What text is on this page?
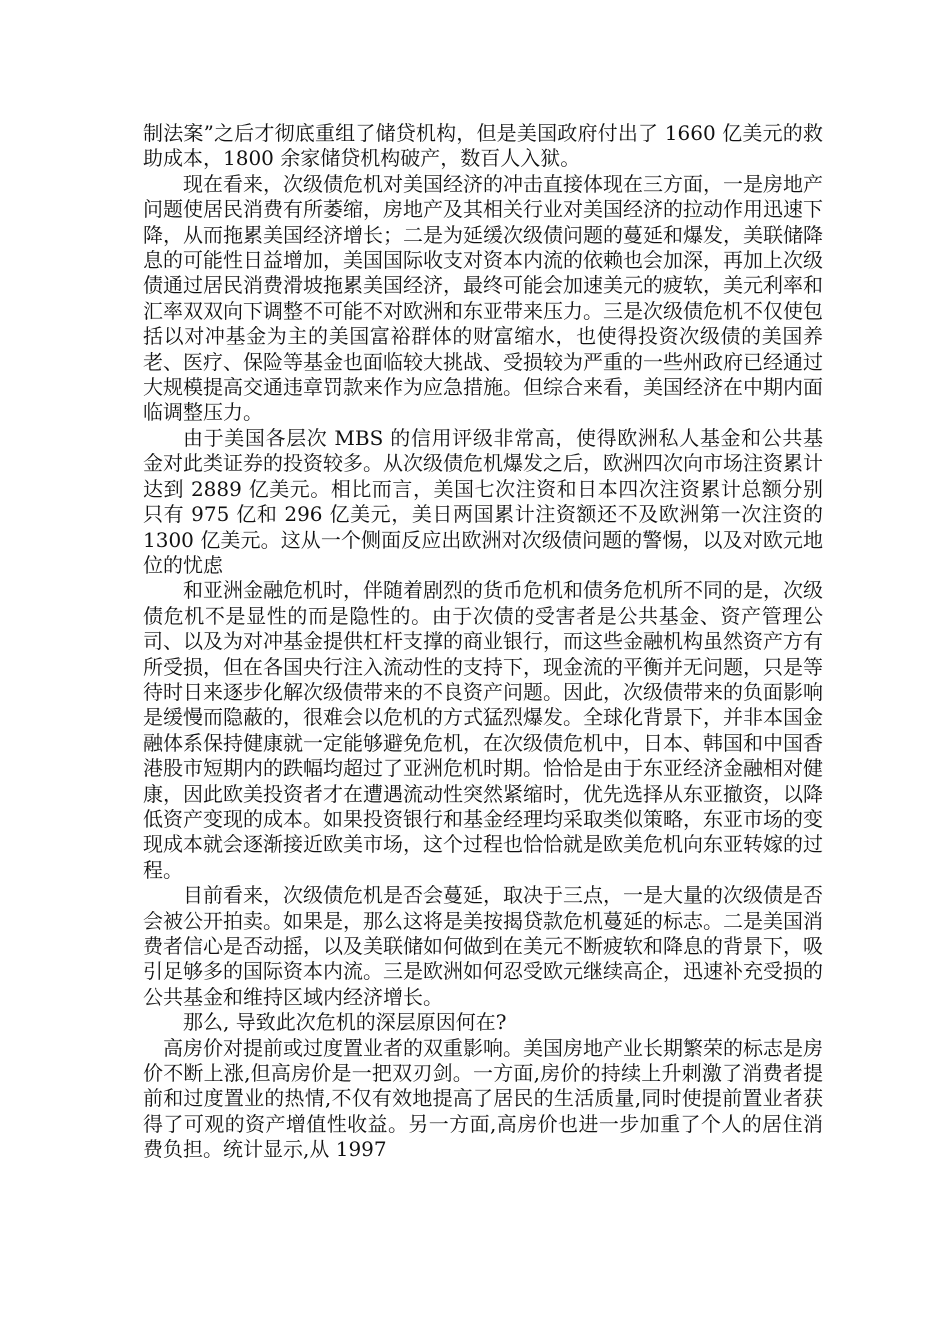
制法案”之后才彻底重组了储贷机构，但是美国政府付出了 1660 亿美元的救助成本，1800 余家储贷机构破产，数百人入狱。

现在看来，次级债危机对美国经济的冲击直接体现在三方面，一是房地产问题使居民消费有所萎缩，房地产及其相关行业对美国经济的拉动作用迅速下降，从而拖累美国经济增长；二是为延缓次级债问题的蔓延和爆发，美联储降息的可能性日益增加，美国国际收支对资本内流的依赖也会加深，再加上次级债通过居民消费滑坡拖累美国经济，最终可能会加速美元的疲软，美元利率和汇率双双向下调整不可能不对欧洲和东亚带来压力。三是次级债危机不仅使包括以对冲基金为主的美国富裕群体的财富缩水，也使得投资次级债的美国养老、医疗、保险等基金也面临较大挑战、受损较为严重的一些州政府已经通过大规模提高交通违章罚款来作为应急措施。但综合来看，美国经济在中期内面临调整压力。

由于美国各层次 MBS 的信用评级非常高，使得欧洲私人基金和公共基金对此类证券的投资较多。从次级债危机爆发之后，欧洲四次向市场注资累计达到 2889 亿美元。相比而言，美国七次注资和日本四次注资累计总额分别只有 975 亿和 296 亿美元，美日两国累计注资额还不及欧洲第一次注资的 1300 亿美元。这从一个侧面反应出欧洲对次级债问题的警惕，以及对欧元地位的忧虑

和亚洲金融危机时，伴随着剧烈的货币危机和债务危机所不同的是，次级债危机不是显性的而是隐性的。由于次债的受害者是公共基金、资产管理公司、以及为对冲基金提供杠杆支撑的商业银行，而这些金融机构虽然资产方有所受损，但在各国央行注入流动性的支持下，现金流的平衡并无问题，只是等待时日来逐步化解次级债带来的不良资产问题。因此，次级债带来的负面影响是缓慢而隐蔽的，很难会以危机的方式猛烈爆发。全球化背景下，并非本国金融体系保持健康就一定能够避免危机，在次级债危机中，日本、韩国和中国香港股市短期内的跌幅均超过了亚洲危机时期。恰恰是由于东亚经济金融相对健康，因此欧美投资者才在遭遇流动性突然紧缩时，优先选择从东亚撤资，以降低资产变现的成本。如果投资银行和基金经理均采取类似策略，东亚市场的变现成本就会逐渐接近欧美市场，这个过程也恰恰就是欧美危机向东亚转嫁的过程。

目前看来，次级债危机是否会蔓延，取决于三点，一是大量的次级债是否会被公开拍卖。如果是，那么这将是美按揭贷款危机蔓延的标志。二是美国消费者信心是否动摇，以及美联储如何做到在美元不断疲软和降息的背景下，吸引足够多的国际资本内流。三是欧洲如何忍受欧元继续高企，迅速补充受损的公共基金和维持区域内经济增长。

那么, 导致此次危机的深层原因何在?

高房价对提前或过度置业者的双重影响。美国房地产业长期繁荣的标志是房价不断上涨,但高房价是一把双刃剑。一方面,房价的持续上升刺激了消费者提前和过度置业的热情,不仅有效地提高了居民的生活质量,同时使提前置业者获得了可观的资产增值性收益。另一方面,高房价也进一步加重了个人的居住消费负担。统计显示,从 1997
